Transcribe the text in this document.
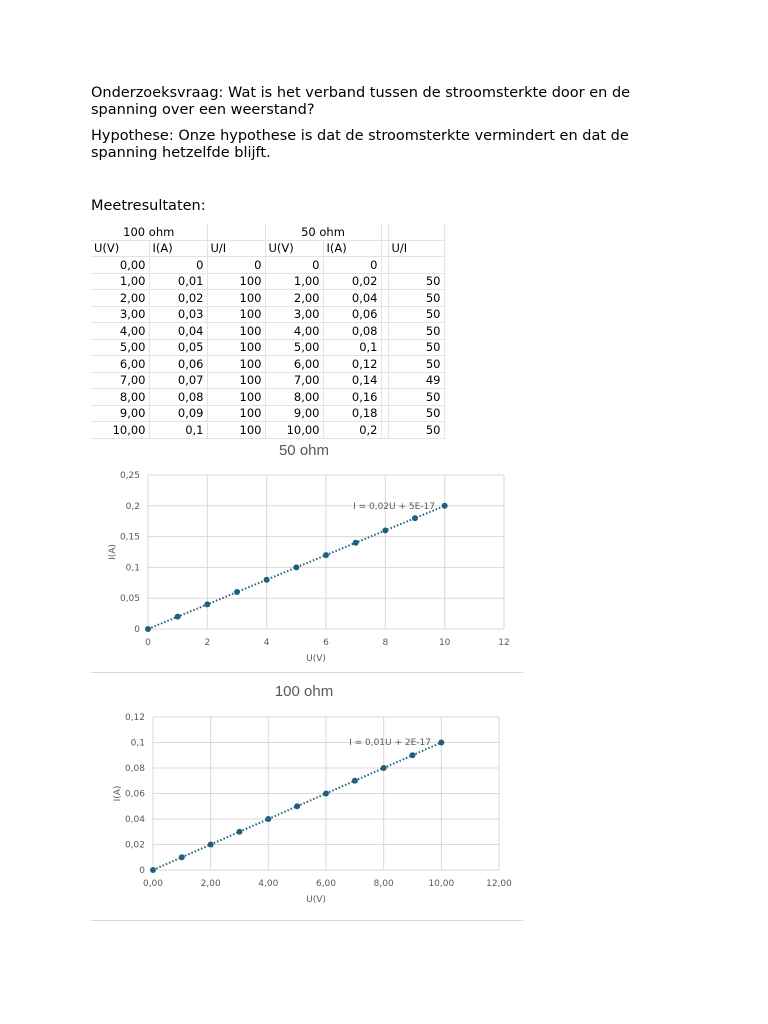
Onderzoeksvraag: Wat is het verband tussen de stroomsterkte door en de spanning over een weerstand?

Hypothese: Onze hypothese is dat de stroomsterkte vermindert en dat de spanning hetzelfde blijft.

Meetresultaten:

100 ohm			50 ohm			
U(V)	I(A)	U/I	U(V)	I(A)		U/I
0,00	0	0	0	0		
1,00	0,01	100	1,00	0,02		50
2,00	0,02	100	2,00	0,04		50
3,00	0,03	100	3,00	0,06		50
4,00	0,04	100	4,00	0,08		50
5,00	0,05	100	5,00	0,1		50
6,00	0,06	100	6,00	0,12		50
7,00	0,07	100	7,00	0,14		49
8,00	0,08	100	8,00	0,16		50
9,00	0,09	100	9,00	0,18		50
10,00	0,1	100	10,00	0,2		50
50 ohm
0	2	4	6	8	10	12
0
0,05
0,1
0,15
0,2
0,25
U(V)
I(A)
I = 0,02U + 5E-17
100 ohm
0,00	2,00	4,00	6,00	8,00	10,00	12,00
0
0,02
0,04
0,06
0,08
0,1
0,12
U(V)
I(A)
I = 0,01U + 2E-17
